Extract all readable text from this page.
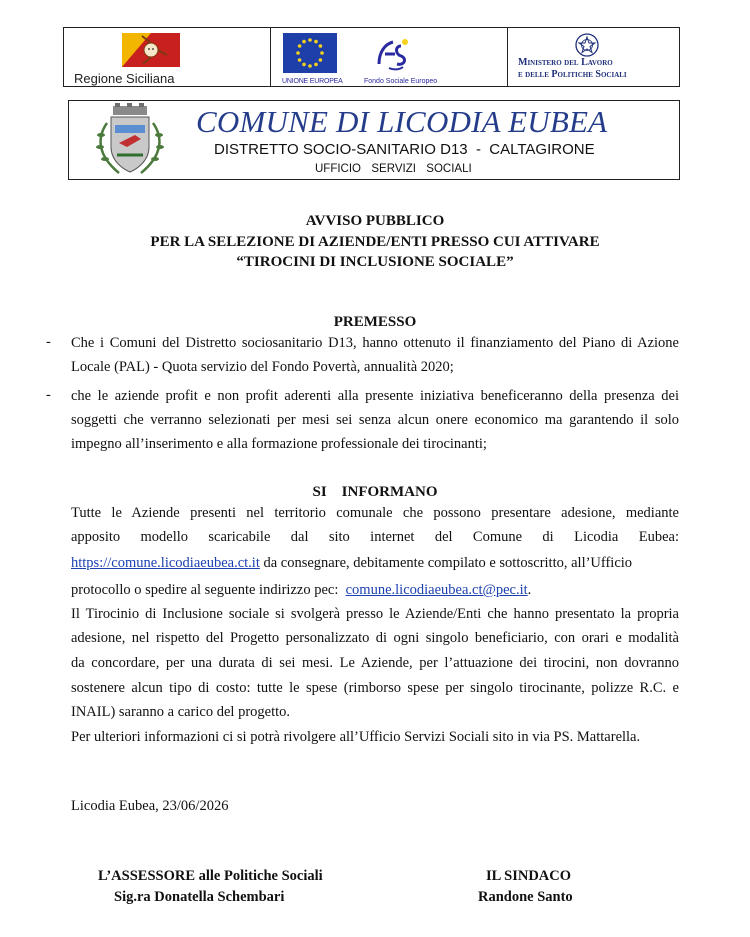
Regione Siciliana	UNIONE EUROPEA	Fondo Sociale Europeo
Ministero del Lavoro
e delle Politiche Sociali
COMUNE DI LICODIA EUBEA
DISTRETTO SOCIO-SANITARIO D13  -  CALTAGIRONE
UFFICIO  SERVIZI  SOCIALI
AVVISO PUBBLICO
PER LA SELEZIONE DI AZIENDE/ENTI PRESSO CUI ATTIVARE
“TIROCINI DI INCLUSIONE SOCIALE”
PREMESSO
- Che i Comuni del Distretto sociosanitario D13, hanno ottenuto il finanziamento del Piano di Azione
Locale (PAL) - Quota servizio del Fondo Povertà, annualità 2020;
- che le aziende profit e non profit aderenti alla presente iniziativa beneficeranno della presenza dei
soggetti che verranno selezionati per mesi sei senza alcun onere economico ma garantendo il solo
impegno all’inserimento e alla formazione professionale dei tirocinanti;
SI    INFORMANO
Tutte le Aziende presenti nel territorio comunale che possono presentare adesione, mediante
apposito modello scaricabile dal sito internet del Comune di Licodia Eubea:
https://comune.licodiaeubea.ct.it da consegnare, debitamente compilato e sottoscritto, all’Ufficio
protocollo o spedire al seguente indirizzo pec:  comune.licodiaeubea.ct@pec.it.
Il Tirocinio di Inclusione sociale si svolgerà presso le Aziende/Enti che hanno presentato la propria
adesione, nel rispetto del Progetto personalizzato di ogni singolo beneficiario, con orari e modalità
da concordare, per una durata di sei mesi. Le Aziende, per l’attuazione dei tirocini, non dovranno
sostenere alcun tipo di costo: tutte le spese (rimborso spese per singolo tirocinante, polizze R.C. e
INAIL) saranno a carico del progetto.
Per ulteriori informazioni ci si potrà rivolgere all’Ufficio Servizi Sociali sito in via PS. Mattarella.
Licodia Eubea, 23/06/2026
L’ASSESSORE alle Politiche Sociali
Sig.ra Donatella Schembari
IL SINDACO
Randone Santo
